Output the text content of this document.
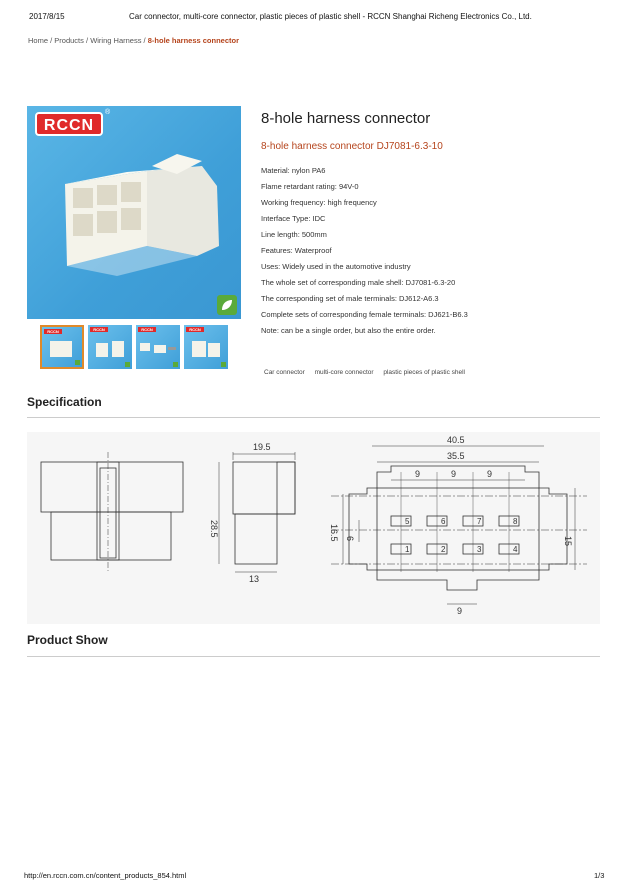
2017/8/15	Car connector, multi-core connector, plastic pieces of plastic shell - RCCN Shanghai Richeng Electronics Co., Ltd.
Home / Products / Wiring Harness / 8-hole harness connector
RCCN
®
RCCN	RCCN	RCCN	RCCN
8-hole harness connector
8-hole harness connector DJ7081-6.3-10
Material: nylon PA6
Flame retardant rating: 94V-0
Working frequency: high frequency
Interface Type: IDC
Line length: 500mm
Features: Waterproof
Uses: Widely used in the automotive industry
The whole set of corresponding male shell: DJ7081-6.3-20
The corresponding set of male terminals: DJ612-A6.3
Complete sets of corresponding female terminals: DJ621-B6.3
Note: can be a single order, but also the entire order.
Car connector multi-core connector plastic pieces of plastic shell
Specification
19.5
28.5
13
40.5
35.5
9	9	9
16.5 6	15
9
5	6	7	8
1	2	3	4
Product Show
http://en.rccn.com.cn/content_products_854.html	1/3
